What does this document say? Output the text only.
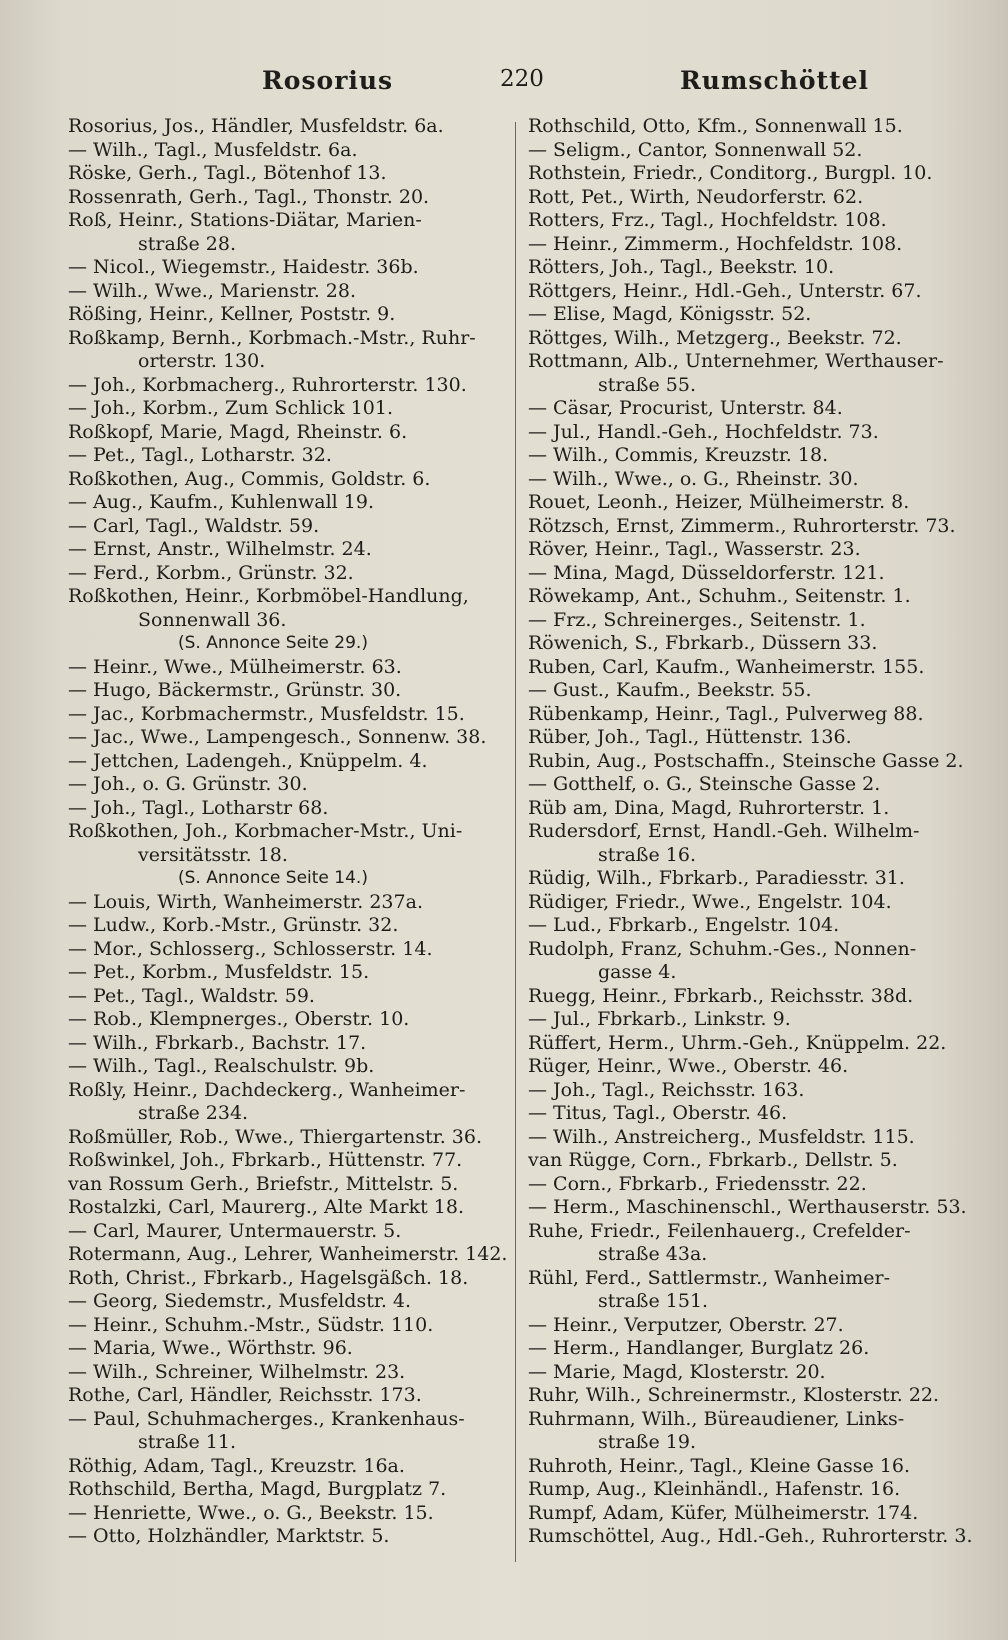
Rosorius	220	Rumschöttel
Rosorius, Jos., Händler, Musfeldstr. 6a.
— Wilh., Tagl., Musfeldstr. 6a.
Röske, Gerh., Tagl., Bötenhof 13.
Rossenrath, Gerh., Tagl., Thonstr. 20.
Roß, Heinr., Stations-Diätar, Marien-
straße 28.
— Nicol., Wiegemstr., Haidestr. 36b.
— Wilh., Wwe., Marienstr. 28.
Rößing, Heinr., Kellner, Poststr. 9.
Roßkamp, Bernh., Korbmach.-Mstr., Ruhr-
orterstr. 130.
— Joh., Korbmacherg., Ruhrorterstr. 130.
— Joh., Korbm., Zum Schlick 101.
Roßkopf, Marie, Magd, Rheinstr. 6.
— Pet., Tagl., Lotharstr. 32.
Roßkothen, Aug., Commis, Goldstr. 6.
— Aug., Kaufm., Kuhlenwall 19.
— Carl, Tagl., Waldstr. 59.
— Ernst, Anstr., Wilhelmstr. 24.
— Ferd., Korbm., Grünstr. 32.
Roßkothen, Heinr., Korbmöbel-Handlung,
Sonnenwall 36.
(S. Annonce Seite 29.)
— Heinr., Wwe., Mülheimerstr. 63.
— Hugo, Bäckermstr., Grünstr. 30.
— Jac., Korbmachermstr., Musfeldstr. 15.
— Jac., Wwe., Lampengesch., Sonnenw. 38.
— Jettchen, Ladengeh., Knüppelm. 4.
— Joh., o. G. Grünstr. 30.
— Joh., Tagl., Lotharstr 68.
Roßkothen, Joh., Korbmacher-Mstr., Uni-
versitätsstr. 18.
(S. Annonce Seite 14.)
— Louis, Wirth, Wanheimerstr. 237a.
— Ludw., Korb.-Mstr., Grünstr. 32.
— Mor., Schlosserg., Schlosserstr. 14.
— Pet., Korbm., Musfeldstr. 15.
— Pet., Tagl., Waldstr. 59.
— Rob., Klempnerges., Oberstr. 10.
— Wilh., Fbrkarb., Bachstr. 17.
— Wilh., Tagl., Realschulstr. 9b.
Roßly, Heinr., Dachdeckerg., Wanheimer-
straße 234.
Roßmüller, Rob., Wwe., Thiergartenstr. 36.
Roßwinkel, Joh., Fbrkarb., Hüttenstr. 77.
van Rossum Gerh., Briefstr., Mittelstr. 5.
Rostalzki, Carl, Maurerg., Alte Markt 18.
— Carl, Maurer, Untermauerstr. 5.
Rotermann, Aug., Lehrer, Wanheimerstr. 142.
Roth, Christ., Fbrkarb., Hagelsgäßch. 18.
— Georg, Siedemstr., Musfeldstr. 4.
— Heinr., Schuhm.-Mstr., Südstr. 110.
— Maria, Wwe., Wörthstr. 96.
— Wilh., Schreiner, Wilhelmstr. 23.
Rothe, Carl, Händler, Reichsstr. 173.
— Paul, Schuhmacherges., Krankenhaus-
straße 11.
Röthig, Adam, Tagl., Kreuzstr. 16a.
Rothschild, Bertha, Magd, Burgplatz 7.
— Henriette, Wwe., o. G., Beekstr. 15.
— Otto, Holzhändler, Marktstr. 5.
Rothschild, Otto, Kfm., Sonnenwall 15.
— Seligm., Cantor, Sonnenwall 52.
Rothstein, Friedr., Conditorg., Burgpl. 10.
Rott, Pet., Wirth, Neudorferstr. 62.
Rotters, Frz., Tagl., Hochfeldstr. 108.
— Heinr., Zimmerm., Hochfeldstr. 108.
Rötters, Joh., Tagl., Beekstr. 10.
Röttgers, Heinr., Hdl.-Geh., Unterstr. 67.
— Elise, Magd, Königsstr. 52.
Röttges, Wilh., Metzgerg., Beekstr. 72.
Rottmann, Alb., Unternehmer, Werthauser-
straße 55.
— Cäsar, Procurist, Unterstr. 84.
— Jul., Handl.-Geh., Hochfeldstr. 73.
— Wilh., Commis, Kreuzstr. 18.
— Wilh., Wwe., o. G., Rheinstr. 30.
Rouet, Leonh., Heizer, Mülheimerstr. 8.
Rötzsch, Ernst, Zimmerm., Ruhrorterstr. 73.
Röver, Heinr., Tagl., Wasserstr. 23.
— Mina, Magd, Düsseldorferstr. 121.
Röwekamp, Ant., Schuhm., Seitenstr. 1.
— Frz., Schreinerges., Seitenstr. 1.
Röwenich, S., Fbrkarb., Düssern 33.
Ruben, Carl, Kaufm., Wanheimerstr. 155.
— Gust., Kaufm., Beekstr. 55.
Rübenkamp, Heinr., Tagl., Pulverweg 88.
Rüber, Joh., Tagl., Hüttenstr. 136.
Rubin, Aug., Postschaffn., Steinsche Gasse 2.
— Gotthelf, o. G., Steinsche Gasse 2.
Rüb am, Dina, Magd, Ruhrorterstr. 1.
Rudersdorf, Ernst, Handl.-Geh. Wilhelm-
straße 16.
Rüdig, Wilh., Fbrkarb., Paradiesstr. 31.
Rüdiger, Friedr., Wwe., Engelstr. 104.
— Lud., Fbrkarb., Engelstr. 104.
Rudolph, Franz, Schuhm.-Ges., Nonnen-
gasse 4.
Ruegg, Heinr., Fbrkarb., Reichsstr. 38d.
— Jul., Fbrkarb., Linkstr. 9.
Rüffert, Herm., Uhrm.-Geh., Knüppelm. 22.
Rüger, Heinr., Wwe., Oberstr. 46.
— Joh., Tagl., Reichsstr. 163.
— Titus, Tagl., Oberstr. 46.
— Wilh., Anstreicherg., Musfeldstr. 115.
van Rügge, Corn., Fbrkarb., Dellstr. 5.
— Corn., Fbrkarb., Friedensstr. 22.
— Herm., Maschinenschl., Werthauserstr. 53.
Ruhe, Friedr., Feilenhauerg., Crefelder-
straße 43a.
Rühl, Ferd., Sattlermstr., Wanheimer-
straße 151.
— Heinr., Verputzer, Oberstr. 27.
— Herm., Handlanger, Burglatz 26.
— Marie, Magd, Klosterstr. 20.
Ruhr, Wilh., Schreinermstr., Klosterstr. 22.
Ruhrmann, Wilh., Büreaudiener, Links-
straße 19.
Ruhroth, Heinr., Tagl., Kleine Gasse 16.
Rump, Aug., Kleinhändl., Hafenstr. 16.
Rumpf, Adam, Küfer, Mülheimerstr. 174.
Rumschöttel, Aug., Hdl.-Geh., Ruhrorterstr. 3.
